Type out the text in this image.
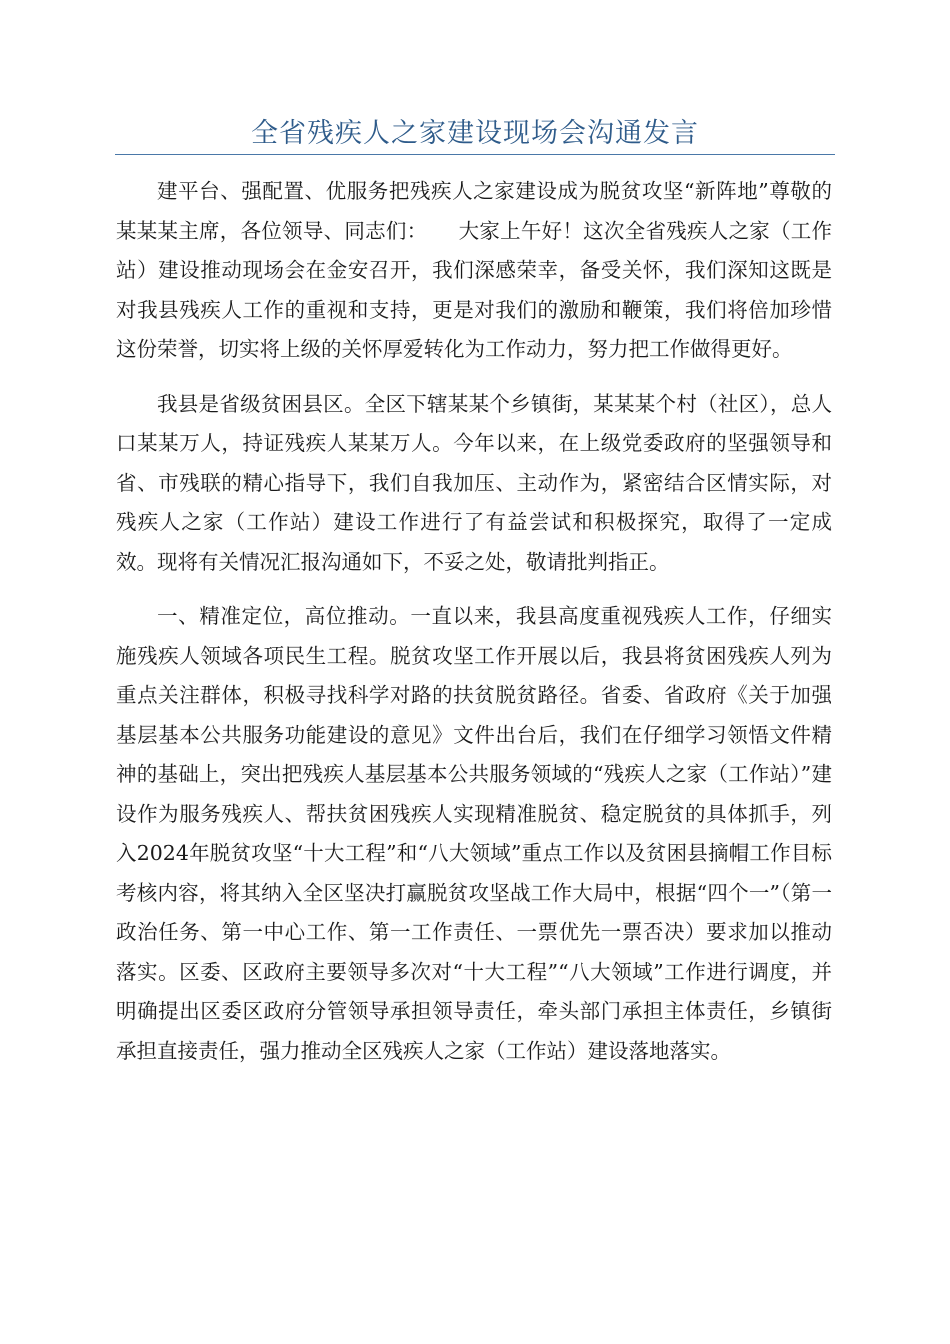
全省残疾人之家建设现场会沟通发言

建平台、强配置、优服务把残疾人之家建设成为脱贫攻坚“新阵地”尊敬的某某某主席，各位领导、同志们：　　大家上午好！这次全省残疾人之家（工作站）建设推动现场会在金安召开，我们深感荣幸，备受关怀，我们深知这既是对我县残疾人工作的重视和支持，更是对我们的激励和鞭策，我们将倍加珍惜这份荣誉，切实将上级的关怀厚爱转化为工作动力，努力把工作做得更好。

我县是省级贫困县区。全区下辖某某个乡镇街，某某某个村（社区），总人口某某万人，持证残疾人某某万人。今年以来，在上级党委政府的坚强领导和省、市残联的精心指导下，我们自我加压、主动作为，紧密结合区情实际，对残疾人之家（工作站）建设工作进行了有益尝试和积极探究，取得了一定成效。现将有关情况汇报沟通如下，不妥之处，敬请批判指正。

一、精准定位，高位推动。一直以来，我县高度重视残疾人工作，仔细实施残疾人领域各项民生工程。脱贫攻坚工作开展以后，我县将贫困残疾人列为重点关注群体，积极寻找科学对路的扶贫脱贫路径。省委、省政府《关于加强基层基本公共服务功能建设的意见》文件出台后，我们在仔细学习领悟文件精神的基础上，突出把残疾人基层基本公共服务领域的“残疾人之家（工作站）”建设作为服务残疾人、帮扶贫困残疾人实现精准脱贫、稳定脱贫的具体抓手，列入2024年脱贫攻坚“十大工程”和“八大领域”重点工作以及贫困县摘帽工作目标考核内容，将其纳入全区坚决打赢脱贫攻坚战工作大局中，根据“四个一”（第一政治任务、第一中心工作、第一工作责任、一票优先一票否决）要求加以推动落实。区委、区政府主要领导多次对“十大工程”“八大领域”工作进行调度，并明确提出区委区政府分管领导承担领导责任，牵头部门承担主体责任，乡镇街承担直接责任，强力推动全区残疾人之家（工作站）建设落地落实。
